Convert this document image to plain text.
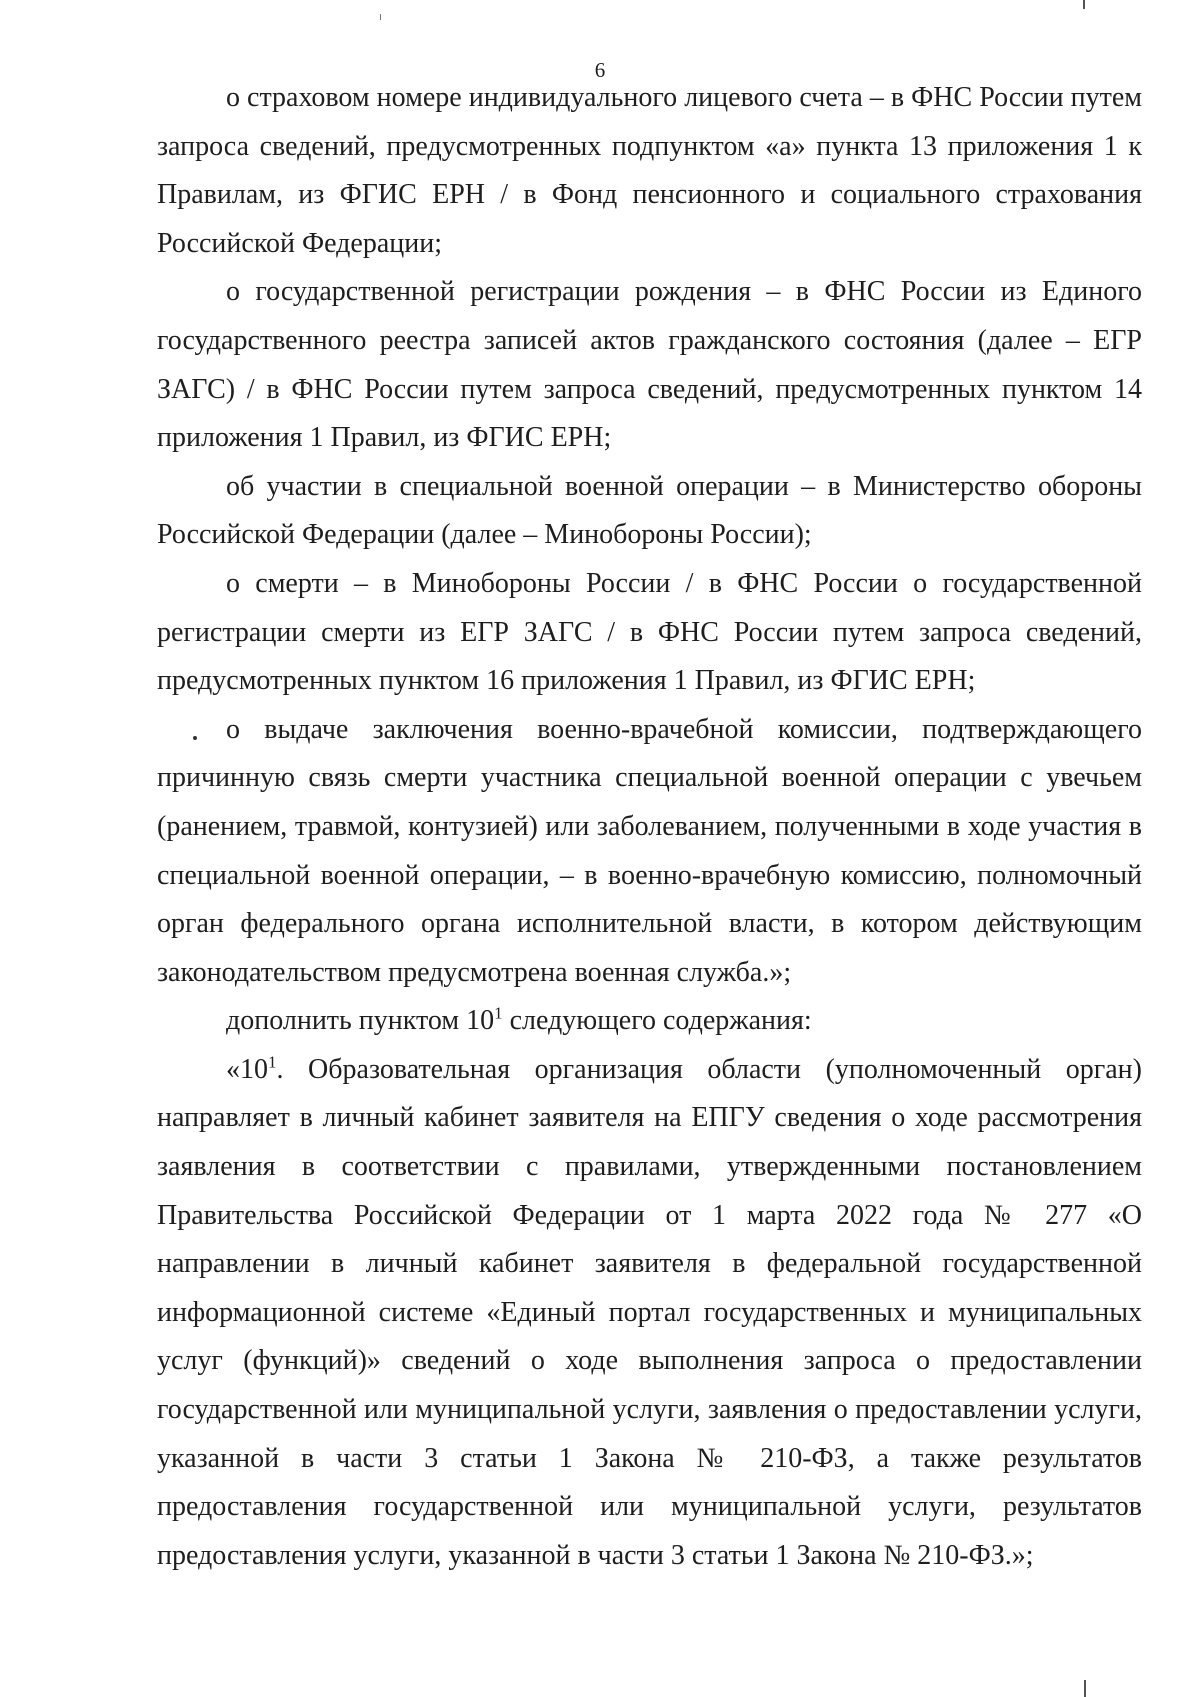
6

о страховом номере индивидуального лицевого счета – в ФНС России путем запроса сведений, предусмотренных подпунктом «а» пункта 13 приложения 1 к Правилам, из ФГИС ЕРН / в Фонд пенсионного и социального страхования Российской Федерации;

о государственной регистрации рождения – в ФНС России из Единого государственного реестра записей актов гражданского состояния (далее – ЕГР ЗАГС) / в ФНС России путем запроса сведений, предусмотренных пунктом 14 приложения 1 Правил, из ФГИС ЕРН;

об участии в специальной военной операции – в Министерство обороны Российской Федерации (далее – Минобороны России);

о смерти – в Минобороны России / в ФНС России о государственной регистрации смерти из ЕГР ЗАГС / в ФНС России путем запроса сведений, предусмотренных пунктом 16 приложения 1 Правил, из ФГИС ЕРН;

о выдаче заключения военно-врачебной комиссии, подтверждающего причинную связь смерти участника специальной военной операции с увечьем (ранением, травмой, контузией) или заболеванием, полученными в ходе участия в специальной военной операции, – в военно-врачебную комиссию, полномочный орган федерального органа исполнительной власти, в котором действующим законодательством предусмотрена военная служба.»;

дополнить пунктом $10^1$ следующего содержания:

«$10^1$. Образовательная организация области (уполномоченный орган) направляет в личный кабинет заявителя на ЕПГУ сведения о ходе рассмотрения заявления в соответствии с правилами, утвержденными постановлением Правительства Российской Федерации от 1 марта 2022 года № 277 «О направлении в личный кабинет заявителя в федеральной государственной информационной системе «Единый портал государственных и муниципальных услуг (функций)» сведений о ходе выполнения запроса о предоставлении государственной или муниципальной услуги, заявления о предоставлении услуги, указанной в части 3 статьи 1 Закона № 210-ФЗ, а также результатов предоставления государственной или муниципальной услуги, результатов предоставления услуги, указанной в части 3 статьи 1 Закона № 210-ФЗ.»;
